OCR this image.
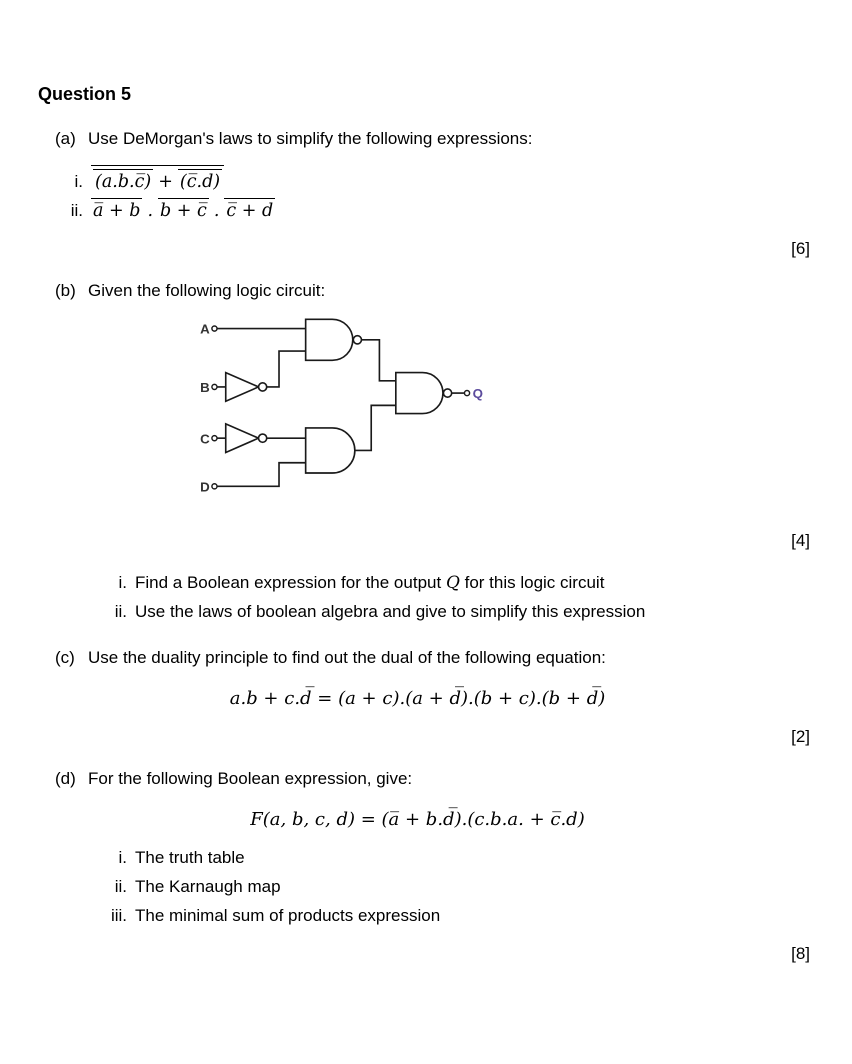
Question 5
(a) Use DeMorgan's laws to simplify the following expressions:
i. (a.b.c̅) + (c̅.d)
ii. a̅ + b . b + c̅ . c̅ + d
[6]
(b) Given the following logic circuit:
A
B
C
D
Q
[4]
i. Find a Boolean expression for the output Q for this logic circuit
ii. Use the laws of boolean algebra and give to simplify this expression
(c) Use the duality principle to find out the dual of the following equation:
a.b + c.d̅ = (a + c).(a + d̅).(b + c).(b + d̅)
[2]
(d) For the following Boolean expression, give:
F(a, b, c, d) = (a̅ + b.d̅).(c.b.a. + c̅.d)
i. The truth table
ii. The Karnaugh map
iii. The minimal sum of products expression
[8]
